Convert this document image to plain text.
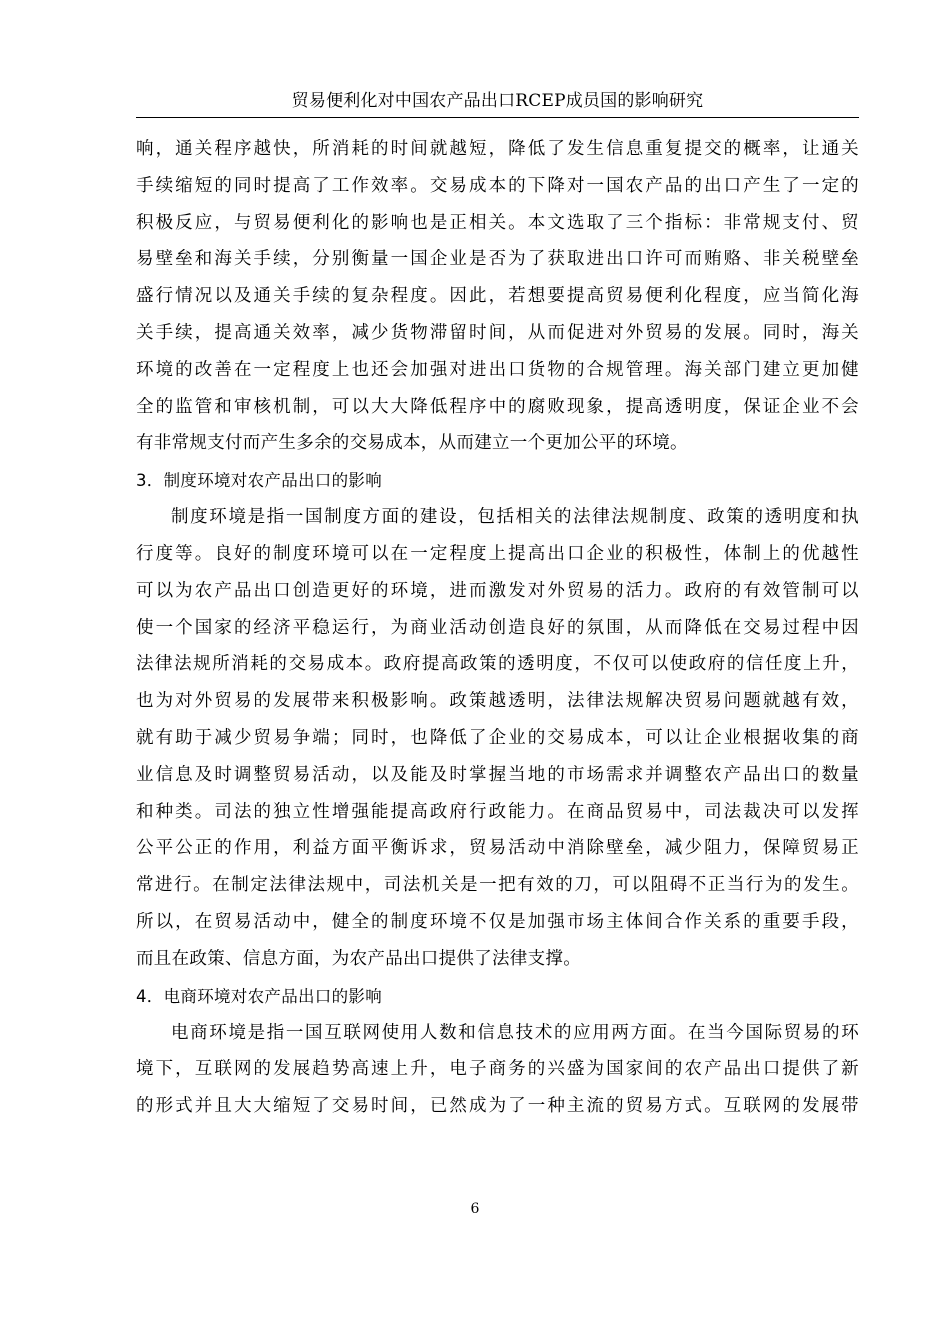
贸易便利化对中国农产品出口RCEP成员国的影响研究
响，通关程序越快，所消耗的时间就越短，降低了发生信息重复提交的概率，让通关
手续缩短的同时提高了工作效率。交易成本的下降对一国农产品的出口产生了一定的
积极反应，与贸易便利化的影响也是正相关。本文选取了三个指标：非常规支付、贸
易壁垒和海关手续，分别衡量一国企业是否为了获取进出口许可而贿赂、非关税壁垒
盛行情况以及通关手续的复杂程度。因此，若想要提高贸易便利化程度，应当简化海
关手续，提高通关效率，减少货物滞留时间，从而促进对外贸易的发展。同时，海关
环境的改善在一定程度上也还会加强对进出口货物的合规管理。海关部门建立更加健
全的监管和审核机制，可以大大降低程序中的腐败现象，提高透明度，保证企业不会
有非常规支付而产生多余的交易成本，从而建立一个更加公平的环境。
3．制度环境对农产品出口的影响
制度环境是指一国制度方面的建设，包括相关的法律法规制度、政策的透明度和执
行度等。良好的制度环境可以在一定程度上提高出口企业的积极性，体制上的优越性
可以为农产品出口创造更好的环境，进而激发对外贸易的活力。政府的有效管制可以
使一个国家的经济平稳运行，为商业活动创造良好的氛围，从而降低在交易过程中因
法律法规所消耗的交易成本。政府提高政策的透明度，不仅可以使政府的信任度上升，
也为对外贸易的发展带来积极影响。政策越透明，法律法规解决贸易问题就越有效，
就有助于减少贸易争端；同时，也降低了企业的交易成本，可以让企业根据收集的商
业信息及时调整贸易活动，以及能及时掌握当地的市场需求并调整农产品出口的数量
和种类。司法的独立性增强能提高政府行政能力。在商品贸易中，司法裁决可以发挥
公平公正的作用，利益方面平衡诉求，贸易活动中消除壁垒，减少阻力，保障贸易正
常进行。在制定法律法规中，司法机关是一把有效的刀，可以阻碍不正当行为的发生。
所以，在贸易活动中，健全的制度环境不仅是加强市场主体间合作关系的重要手段，
而且在政策、信息方面，为农产品出口提供了法律支撑。
4．电商环境对农产品出口的影响
电商环境是指一国互联网使用人数和信息技术的应用两方面。在当今国际贸易的环
境下，互联网的发展趋势高速上升，电子商务的兴盛为国家间的农产品出口提供了新
的形式并且大大缩短了交易时间，已然成为了一种主流的贸易方式。互联网的发展带
6
